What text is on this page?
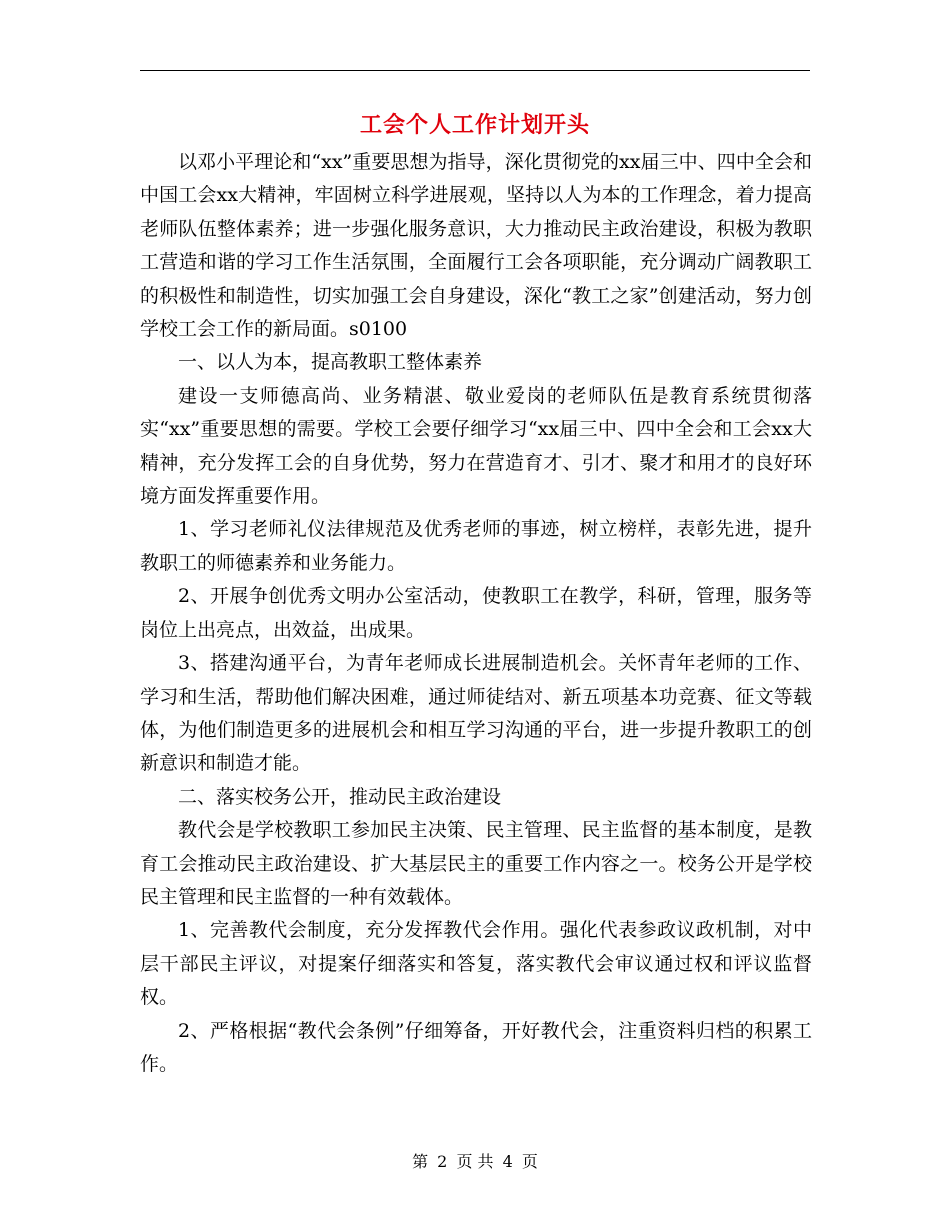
工会个人工作计划开头

以邓小平理论和“xx”重要思想为指导，深化贯彻党的xx届三中、四中全会和中国工会xx大精神，牢固树立科学进展观，坚持以人为本的工作理念，着力提高老师队伍整体素养；进一步强化服务意识，大力推动民主政治建设，积极为教职工营造和谐的学习工作生活氛围，全面履行工会各项职能，充分调动广阔教职工的积极性和制造性，切实加强工会自身建设，深化“教工之家”创建活动，努力创学校工会工作的新局面。s0100

一、以人为本，提高教职工整体素养

建设一支师德高尚、业务精湛、敬业爱岗的老师队伍是教育系统贯彻落实“xx”重要思想的需要。学校工会要仔细学习“xx届三中、四中全会和工会xx大精神，充分发挥工会的自身优势，努力在营造育才、引才、聚才和用才的良好环境方面发挥重要作用。

1、学习老师礼仪法律规范及优秀老师的事迹，树立榜样，表彰先进，提升教职工的师德素养和业务能力。

2、开展争创优秀文明办公室活动，使教职工在教学，科研，管理，服务等岗位上出亮点，出效益，出成果。

3、搭建沟通平台，为青年老师成长进展制造机会。关怀青年老师的工作、学习和生活，帮助他们解决困难，通过师徒结对、新五项基本功竞赛、征文等载体，为他们制造更多的进展机会和相互学习沟通的平台，进一步提升教职工的创新意识和制造才能。

二、落实校务公开，推动民主政治建设

教代会是学校教职工参加民主决策、民主管理、民主监督的基本制度，是教育工会推动民主政治建设、扩大基层民主的重要工作内容之一。校务公开是学校民主管理和民主监督的一种有效载体。

1、完善教代会制度，充分发挥教代会作用。强化代表参政议政机制，对中层干部民主评议，对提案仔细落实和答复，落实教代会审议通过权和评议监督权。

2、严格根据“教代会条例”仔细筹备，开好教代会，注重资料归档的积累工作。

第 2 页 共 4 页
